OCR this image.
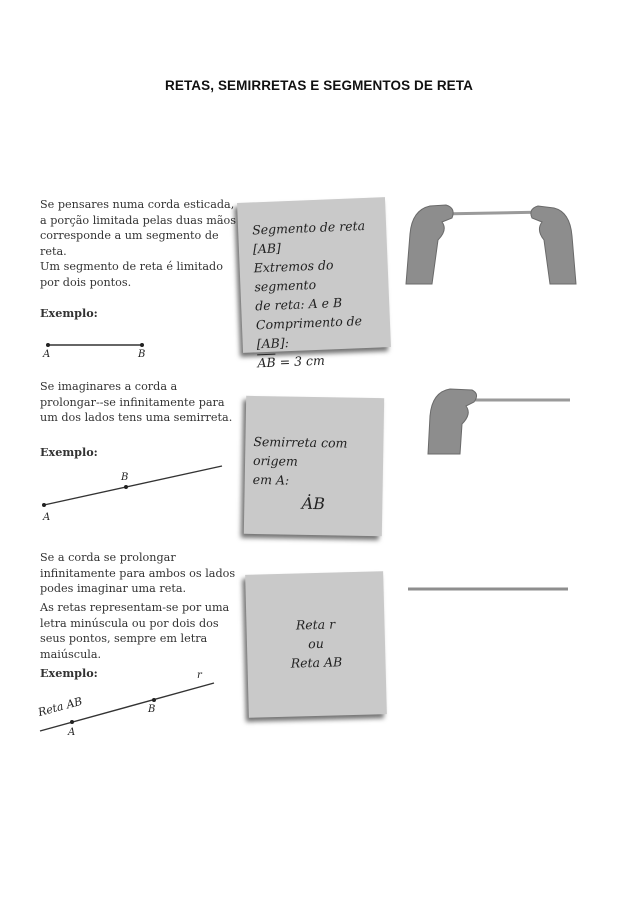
RETAS, SEMIRRETAS E SEGMENTOS DE RETA
Se pensares numa corda esticada, a porção limitada pelas duas mãos corresponde a um segmento de reta.
Um segmento de reta é limitado por dois pontos.
Exemplo:
A	B
Segmento de reta [AB]
Extremos do segmento
de reta: A e B
Comprimento de [AB]:
$\overline{AB} = 3$ cm
Se imaginares a corda a prolongar--se infinitamente para um dos lados tens uma semirreta.
Exemplo:
A
B
Semirreta com origem
em A:
ȦB
Se a corda se prolongar infinitamente para ambos os lados podes imaginar uma reta.
As retas representam-se por uma letra minúscula ou por dois dos seus pontos, sempre em letra maiúscula.
Exemplo:	r
Reta AB
A
B
Reta r
ou
Reta AB
